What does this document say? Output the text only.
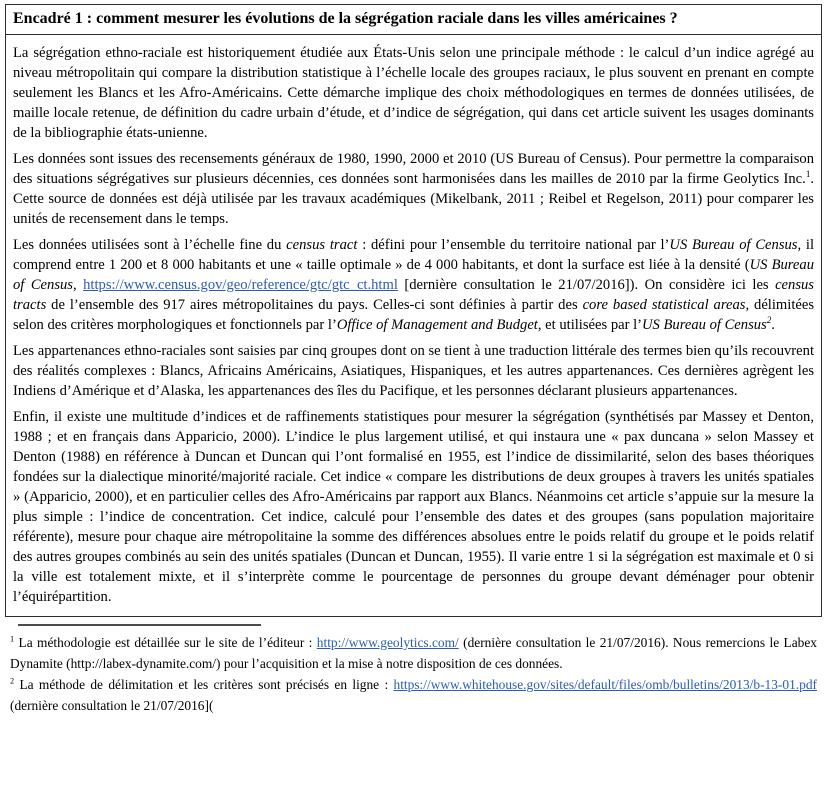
Encadré 1 : comment mesurer les évolutions de la ségrégation raciale dans les villes américaines ?

La ségrégation ethno-raciale est historiquement étudiée aux États-Unis selon une principale méthode : le calcul d’un indice agrégé au niveau métropolitain qui compare la distribution statistique à l’échelle locale des groupes raciaux, le plus souvent en prenant en compte seulement les Blancs et les Afro-Américains. Cette démarche implique des choix méthodologiques en termes de données utilisées, de maille locale retenue, de définition du cadre urbain d’étude, et d’indice de ségrégation, qui dans cet article suivent les usages dominants de la bibliographie états-unienne.

Les données sont issues des recensements généraux de 1980, 1990, 2000 et 2010 (US Bureau of Census). Pour permettre la comparaison des situations ségrégatives sur plusieurs décennies, ces données sont harmonisées dans les mailles de 2010 par la firme Geolytics Inc.$^1$. Cette source de données est déjà utilisée par les travaux académiques (Mikelbank, 2011 ; Reibel et Regelson, 2011) pour comparer les unités de recensement dans le temps.

Les données utilisées sont à l’échelle fine du census tract : défini pour l’ensemble du territoire national par l’US Bureau of Census, il comprend entre 1 200 et 8 000 habitants et une « taille optimale » de 4 000 habitants, et dont la surface est liée à la densité (US Bureau of Census, https://www.census.gov/geo/reference/gtc/gtc_ct.html [dernière consultation le 21/07/2016]). On considère ici les census tracts de l’ensemble des 917 aires métropolitaines du pays. Celles-ci sont définies à partir des core based statistical areas, délimitées selon des critères morphologiques et fonctionnels par l’Office of Management and Budget, et utilisées par l’US Bureau of Census$^2$.

Les appartenances ethno-raciales sont saisies par cinq groupes dont on se tient à une traduction littérale des termes bien qu’ils recouvrent des réalités complexes : Blancs, Africains Américains, Asiatiques, Hispaniques, et les autres appartenances. Ces dernières agrègent les Indiens d’Amérique et d’Alaska, les appartenances des îles du Pacifique, et les personnes déclarant plusieurs appartenances.

Enfin, il existe une multitude d’indices et de raffinements statistiques pour mesurer la ségrégation (synthétisés par Massey et Denton, 1988 ; et en français dans Apparicio, 2000). L’indice le plus largement utilisé, et qui instaura une « pax duncana » selon Massey et Denton (1988) en référence à Duncan et Duncan qui l’ont formalisé en 1955, est l’indice de dissimilarité, selon des bases théoriques fondées sur la dialectique minorité/majorité raciale. Cet indice « compare les distributions de deux groupes à travers les unités spatiales » (Apparicio, 2000), et en particulier celles des Afro-Américains par rapport aux Blancs. Néanmoins cet article s’appuie sur la mesure la plus simple : l’indice de concentration. Cet indice, calculé pour l’ensemble des dates et des groupes (sans population majoritaire référente), mesure pour chaque aire métropolitaine la somme des différences absolues entre le poids relatif du groupe et le poids relatif des autres groupes combinés au sein des unités spatiales (Duncan et Duncan, 1955). Il varie entre 1 si la ségrégation est maximale et 0 si la ville est totalement mixte, et il s’interprète comme le pourcentage de personnes du groupe devant déménager pour obtenir l’équirépartition.

$^1$ La méthodologie est détaillée sur le site de l’éditeur : http://www.geolytics.com/ (dernière consultation le 21/07/2016). Nous remercions le Labex Dynamite (http://labex-dynamite.com/) pour l’acquisition et la mise à notre disposition de ces données.

$^2$ La méthode de délimitation et les critères sont précisés en ligne : https://www.whitehouse.gov/sites/default/files/omb/bulletins/2013/b-13-01.pdf (dernière consultation le 21/07/2016](
